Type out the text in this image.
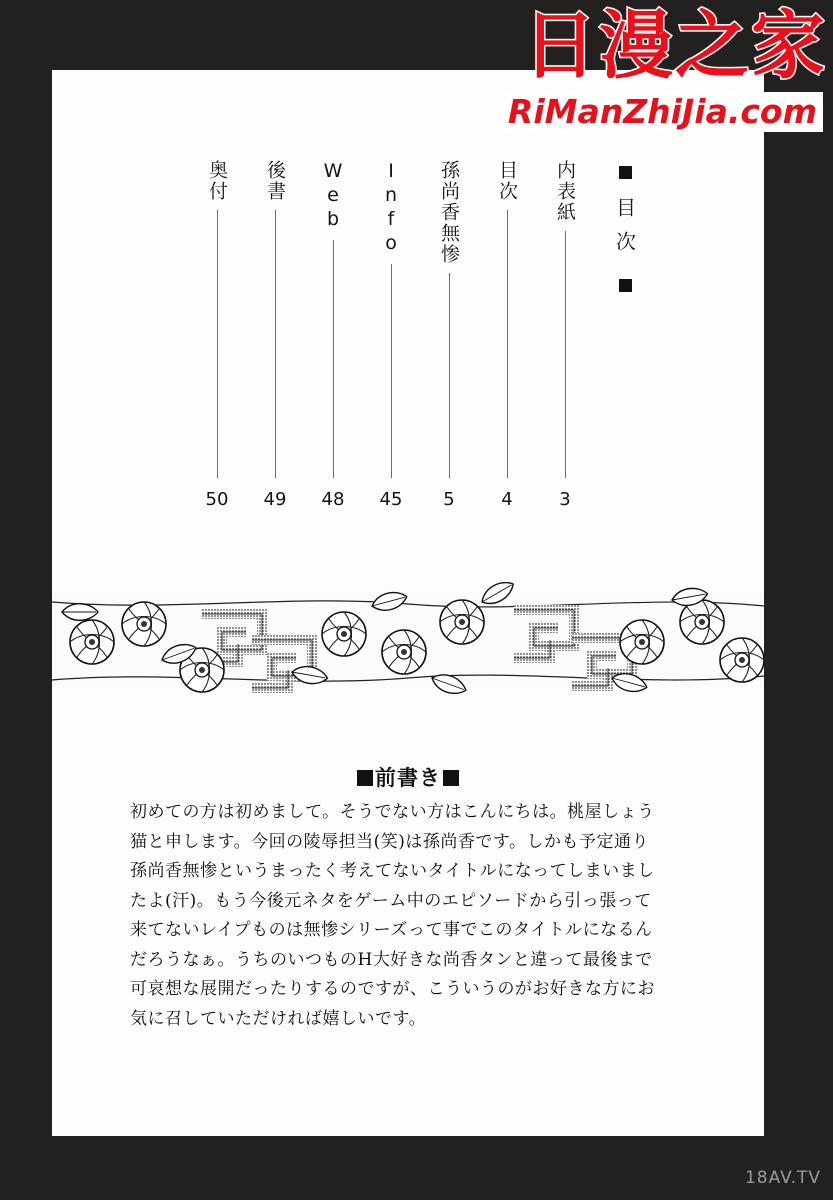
目次
内表紙
3
目次
4
孫尚香無惨
5
Info
45
Web
48
後書
49
奥付
50
前書き
初めての方は初めまして。そうでない方はこんにちは。桃屋しょう
猫と申します。今回の陵辱担当(笑)は孫尚香です。しかも予定通り
孫尚香無惨というまったく考えてないタイトルになってしまいまし
たよ(汗)。もう今後元ネタをゲーム中のエピソードから引っ張って
来てないレイプものは無惨シリーズって事でこのタイトルになるん
だろうなぁ。うちのいつものH大好きな尚香タンと違って最後まで
可哀想な展開だったりするのですが、こういうのがお好きな方にお
気に召していただければ嬉しいです。
日漫之家
RiManZhiJia.com
18AV.TV
